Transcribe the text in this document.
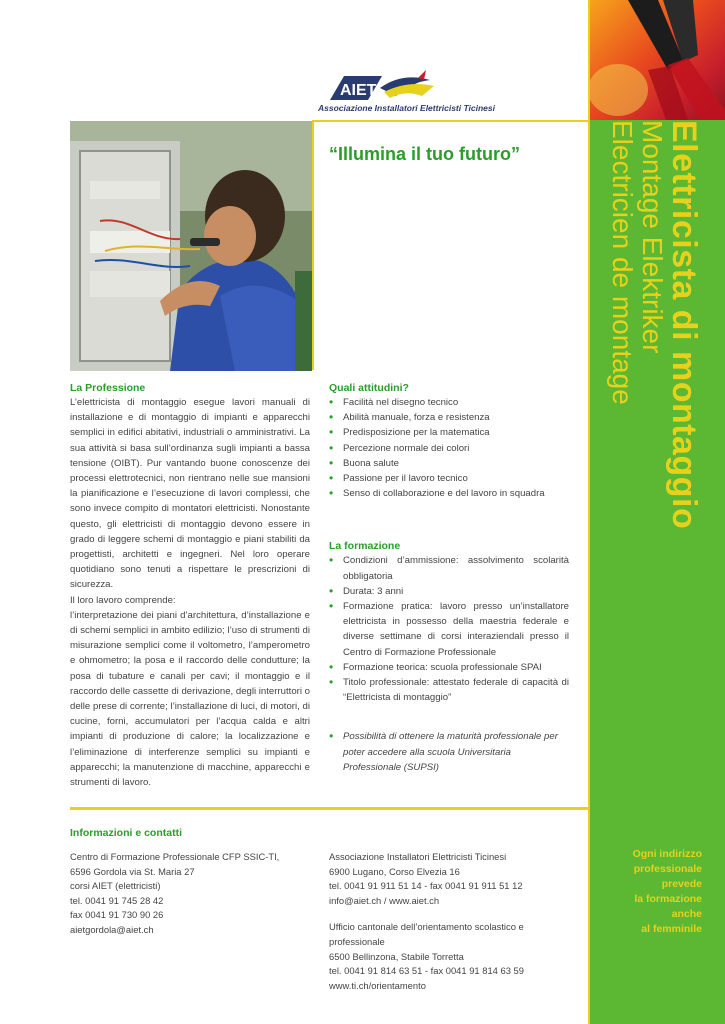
Elettricista di montaggio
Montage Elektriker
Electricien de montage
Ogni indirizzo
professionale
prevede
la formazione
anche
al femminile
AIET
Associazione Installatori Elettricisti Ticinesi
“Illumina il tuo futuro”
La Professione
L’elettricista di montaggio esegue lavori manuali di installazione e di montaggio di impianti e apparecchi semplici in edifici abitativi, industriali o amministrativi. La sua attività si basa sull’ordinanza sugli impianti a bassa tensione (OIBT). Pur vantando buone conoscenze dei processi elettrotecnici, non rientrano nelle sue mansioni la pianificazione e l’esecuzione di lavori complessi, che sono invece compito di montatori elettricisti. Nonostante questo, gli elettricisti di montaggio devono essere in grado di leggere schemi di montaggio e piani stabiliti da progettisti, architetti e ingegneri. Nel loro operare quotidiano sono tenuti a rispettare le prescrizioni di sicurezza.
Il loro lavoro comprende:
l’interpretazione dei piani d’architettura, d’installazione e di schemi semplici in ambito edilizio; l’uso di strumenti di misurazione semplici come il voltometro, l’amperometro e ohmometro; la posa e il raccordo delle condutture; la posa di tubature e canali per cavi; il montaggio e il raccordo delle cassette di derivazione, degli interruttori o delle prese di corrente; l’installazione di luci, di motori, di cucine, forni, accumulatori per l’acqua calda e altri impianti di produzione di calore; la localizzazione e l’eliminazione di interferenze semplici su impianti e apparecchi; la manutenzione di macchine, apparecchi e strumenti di lavoro.
Quali attitudini?
• Facilità nel disegno tecnico
• Abilità manuale, forza e resistenza
• Predisposizione per la matematica
• Percezione normale dei colori
• Buona salute
• Passione per il lavoro tecnico
• Senso di collaborazione e del lavoro in squadra
La formazione
• Condizioni d’ammissione: assolvimento scolarità obbligatoria
• Durata: 3 anni
• Formazione pratica: lavoro presso un’installatore elettricista in possesso della maestria federale e diverse settimane di corsi interaziendali presso il Centro di Formazione Professionale
• Formazione teorica: scuola professionale SPAI
• Titolo professionale: attestato federale di capacità di “Elettricista di montaggio”
• Possibilità di ottenere la maturità professionale per poter accedere alla scuola Universitaria Professionale (SUPSI)
Informazioni e contatti
Centro di Formazione Professionale CFP SSIC-TI,
6596 Gordola via St. Maria 27
corsi AIET (elettricisti)
tel. 0041 91 745 28 42
fax 0041 91 730 90 26
aietgordola@aiet.ch
Associazione Installatori Elettricisti Ticinesi
6900 Lugano, Corso Elvezia 16
tel. 0041 91 911 51 14 - fax 0041 91 911 51 12
info@aiet.ch / www.aiet.ch
Ufficio cantonale dell’orientamento scolastico e professionale
6500 Bellinzona, Stabile Torretta
tel. 0041 91 814 63 51 - fax 0041 91 814 63 59
www.ti.ch/orientamento
